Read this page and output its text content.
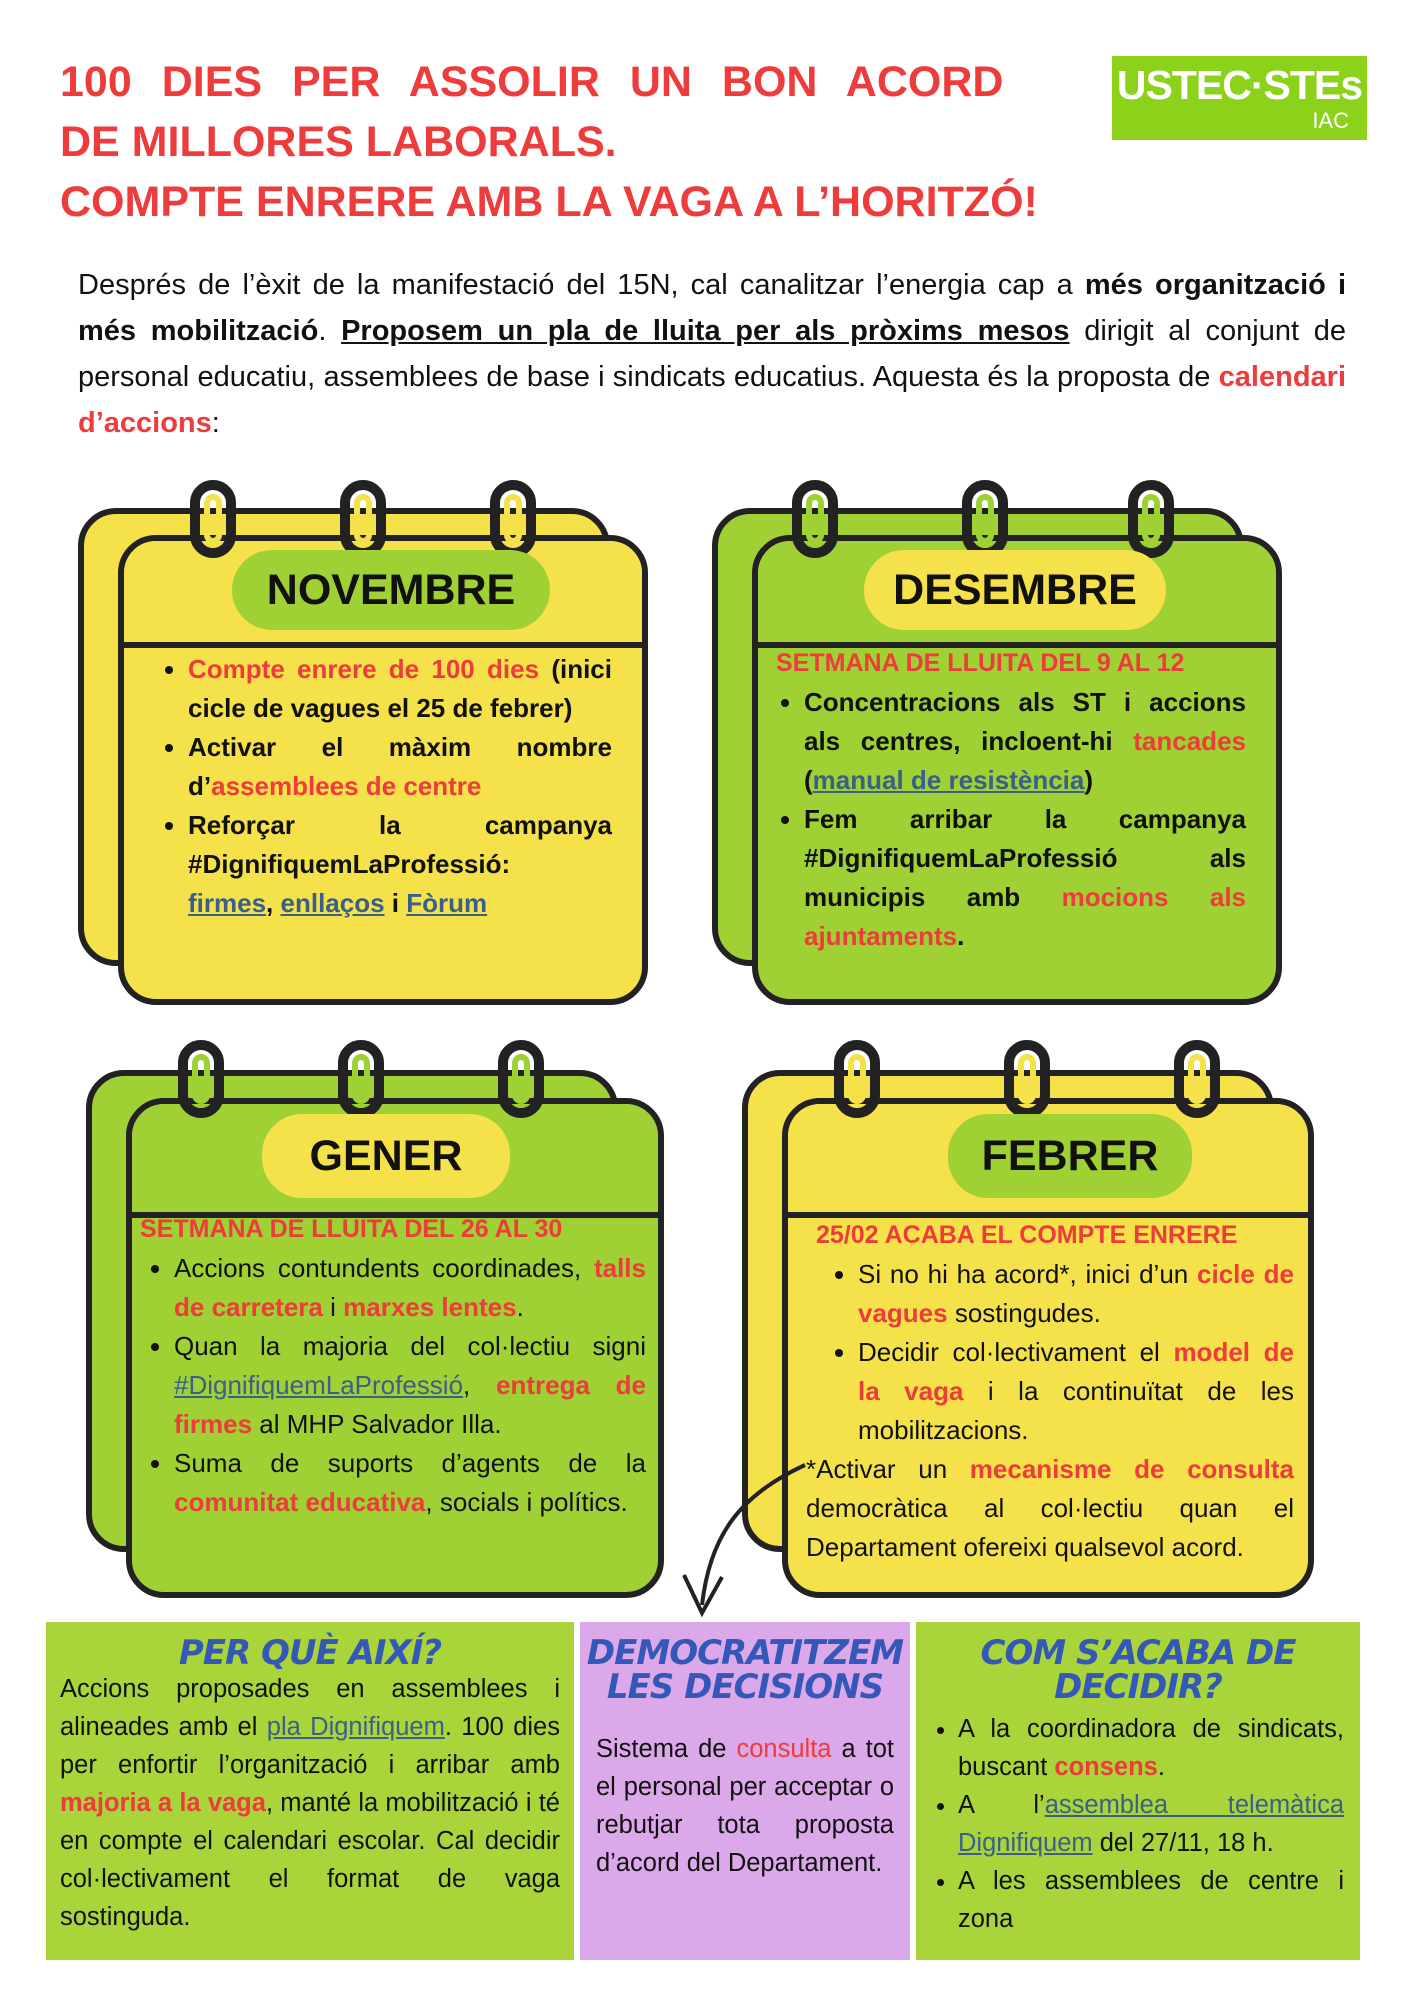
100 DIES PER ASSOLIR UN BON ACORD
DE MILLORES LABORALS.
COMPTE ENRERE AMB LA VAGA A L’HORITZÓ!
USTEC·STEs
IAC

Després de l’èxit de la manifestació del 15N, cal canalitzar l’energia cap a més organització i més mobilització. Proposem un pla de lluita per als pròxims mesos dirigit al conjunt de personal educatiu, assemblees de base i sindicats educatius. Aquesta és la proposta de calendari d’accions:

NOVEMBRE
• Compte enrere de 100 dies (inici cicle de vagues el 25 de febrer)
• Activar el màxim nombre d’assemblees de centre
• Reforçar la campanya #DignifiquemLaProfessió:
firmes, enllaços i Fòrum
DESEMBRE
SETMANA DE LLUITA DEL 9 AL 12
• Concentracions als ST i accions als centres, incloent-hi tancades (manual de resistència)
• Fem arribar la campanya #DignifiquemLaProfessió als municipis amb mocions als ajuntaments.
GENER
SETMANA DE LLUITA DEL 26 AL 30
• Accions contundents coordinades, talls de carretera i marxes lentes.
• Quan la majoria del col·lectiu signi #DignifiquemLaProfessió, entrega de firmes al MHP Salvador Illa.
• Suma de suports d’agents de la comunitat educativa, socials i polítics.
FEBRER
25/02 ACABA EL COMPTE ENRERE
• Si no hi ha acord*, inici d’un cicle de vagues sostingudes.
• Decidir col·lectivament el model de la vaga i la continuïtat de les mobilitzacions.
*Activar un mecanisme de consulta democràtica al col·lectiu quan el Departament ofereixi qualsevol acord.
PER QUÈ AIXÍ?
Accions proposades en assemblees i alineades amb el pla Dignifiquem. 100 dies per enfortir l’organització i arribar amb majoria a la vaga, manté la mobilització i té en compte el calendari escolar. Cal decidir col·lectivament el format de vaga sostinguda.
DEMOCRATITZEM
LES DECISIONS
Sistema de consulta a tot el personal per acceptar o rebutjar tota proposta d’acord del Departament.
COM S’ACABA DE
DECIDIR?
• A la coordinadora de sindicats, buscant consens.
• A l’assemblea telemàtica Dignifiquem del 27/11, 18 h.
• A les assemblees de centre i zona
